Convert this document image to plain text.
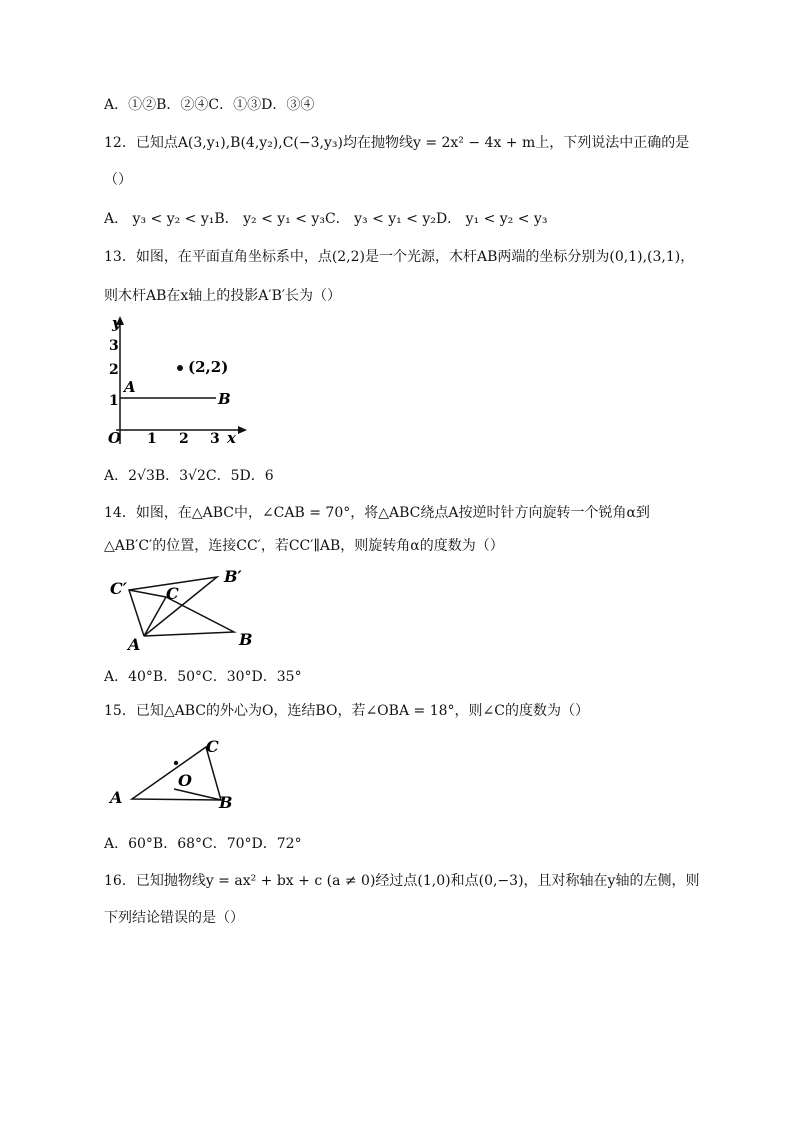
A．①②B．②④C．①③D．③④
12．已知点A(3,y₁),B(4,y₂),C(−3,y₃)均在抛物线y = 2x² − 4x + m上，下列说法中正确的是
（）
A． y₃ < y₂ < y₁B． y₂ < y₁ < y₃C． y₃ < y₁ < y₂D． y₁ < y₂ < y₃
13．如图，在平面直角坐标系中，点(2,2)是一个光源，木杆AB两端的坐标分别为(0,1),(3,1)，
则木杆AB在x轴上的投影A′B′长为（）
y
x
O
3
2
1
1 2 3
A
B
(2,2)
A．2√3B．3√2C．5D．6
14．如图，在△ABC中，∠CAB = 70°，将△ABC绕点A按逆时针方向旋转一个锐角α到
△AB′C′的位置，连接CC′，若CC′∥AB，则旋转角α的度数为（）
C′
B′
C
A	B
A．40°B．50°C．30°D．35°
15．已知△ABC的外心为O，连结BO，若∠OBA = 18°，则∠C的度数为（）
A	B
C
O
A．60°B．68°C．70°D．72°
16．已知抛物线y = ax² + bx + c (a ≠ 0)经过点(1,0)和点(0,−3)，且对称轴在y轴的左侧，则
下列结论错误的是（）
